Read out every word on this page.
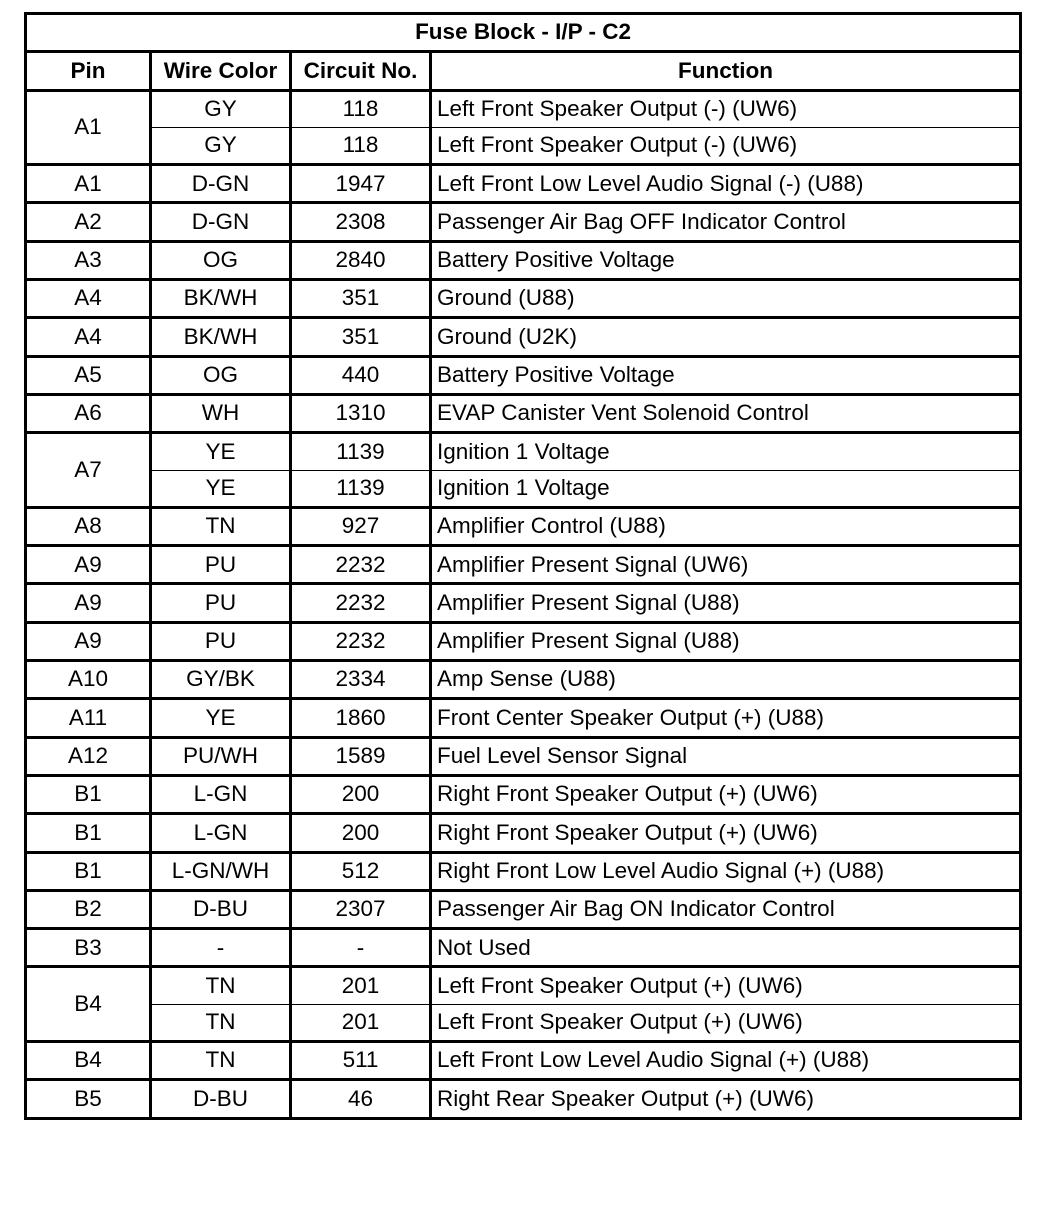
Fuse Block - I/P - C2			
Pin	Wire Color	Circuit No.	Function
A1	GY	118	Left Front Speaker Output (-) (UW6)
	GY	118	Left Front Speaker Output (-) (UW6)
A1	D-GN	1947	Left Front Low Level Audio Signal (-) (U88)
A2	D-GN	2308	Passenger Air Bag OFF Indicator Control
A3	OG	2840	Battery Positive Voltage
A4	BK/WH	351	Ground (U88)
A4	BK/WH	351	Ground (U2K)
A5	OG	440	Battery Positive Voltage
A6	WH	1310	EVAP Canister Vent Solenoid Control
A7	YE	1139	Ignition 1 Voltage
	YE	1139	Ignition 1 Voltage
A8	TN	927	Amplifier Control (U88)
A9	PU	2232	Amplifier Present Signal (UW6)
A9	PU	2232	Amplifier Present Signal (U88)
A9	PU	2232	Amplifier Present Signal (U88)
A10	GY/BK	2334	Amp Sense (U88)
A11	YE	1860	Front Center Speaker Output (+) (U88)
A12	PU/WH	1589	Fuel Level Sensor Signal
B1	L-GN	200	Right Front Speaker Output (+) (UW6)
B1	L-GN	200	Right Front Speaker Output (+) (UW6)
B1	L-GN/WH	512	Right Front Low Level Audio Signal (+) (U88)
B2	D-BU	2307	Passenger Air Bag ON Indicator Control
B3	-	-	Not Used
B4	TN	201	Left Front Speaker Output (+) (UW6)
	TN	201	Left Front Speaker Output (+) (UW6)
B4	TN	511	Left Front Low Level Audio Signal (+) (U88)
B5	D-BU	46	Right Rear Speaker Output (+) (UW6)
